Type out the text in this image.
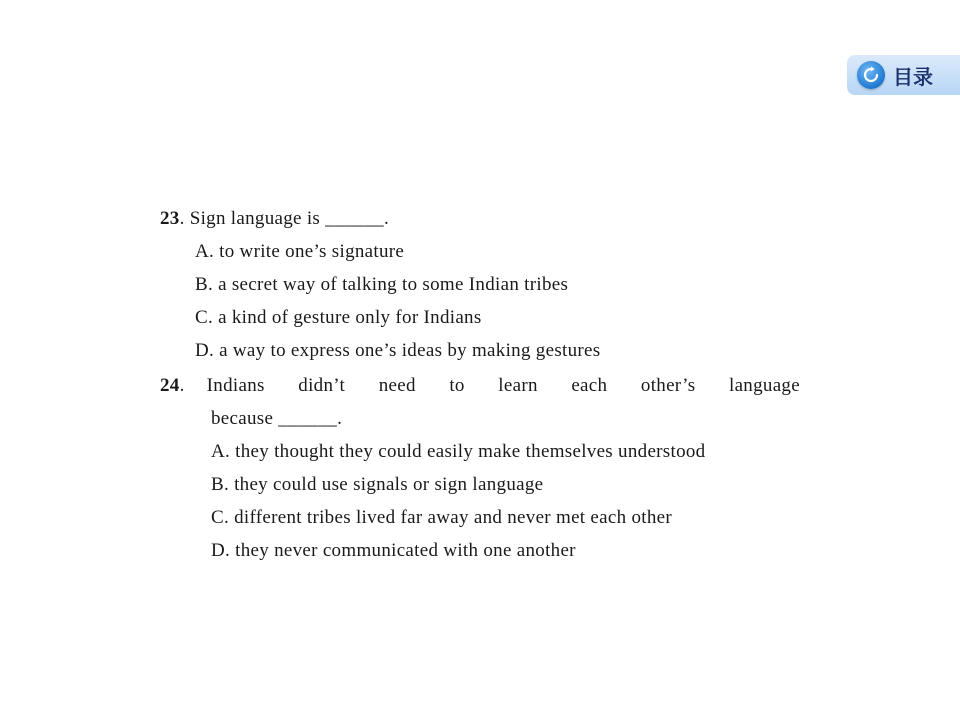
目录
23. Sign language is ______.
A. to write one’s signature
B. a secret way of talking to some Indian tribes
C. a kind of gesture only for Indians
D. a way to express one’s ideas by making gestures
24 . Indians didn’t need to learn each other’s language
because ______.
A. they thought they could easily make themselves understood
B. they could use signals or sign language
C. different tribes lived far away and never met each other
D. they never communicated with one another
